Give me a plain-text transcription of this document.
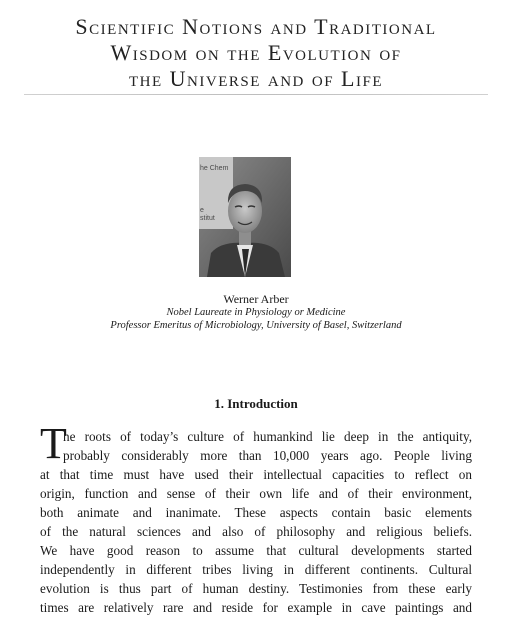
Scientific Notions and Traditional
Wisdom on the Evolution of
the Universe and of Life
he Chem
e
stitut
Werner Arber
Nobel Laureate in Physiology or Medicine
Professor Emeritus of Microbiology, University of Basel, Switzerland
1. Introduction
T
he roots of today’s culture of humankind lie deep in the antiquity,
probably considerably more than 10,000 years ago. People living
at that time must have used their intellectual capacities to reflect on
origin, function and sense of their own life and of their environment,
both animate and inanimate. These aspects contain basic elements
of the natural sciences and also of philosophy and religious beliefs.
We have good reason to assume that cultural developments started
independently in different tribes living in different continents. Cultural
evolution is thus part of human destiny. Testimonies from these early
times are relatively rare and reside for example in cave paintings and
